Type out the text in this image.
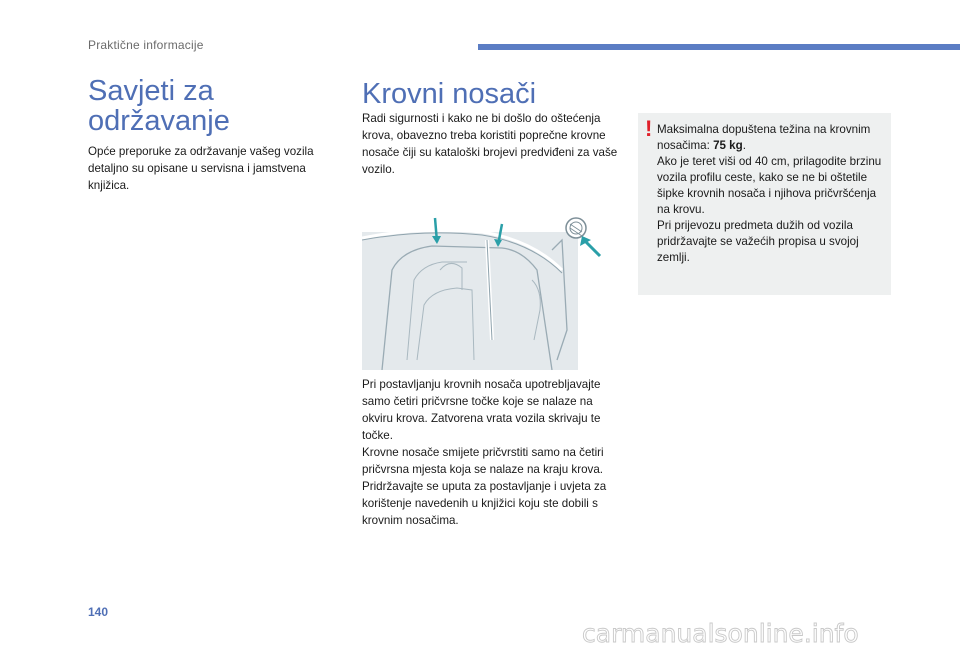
Praktične informacije
Savjeti za
održavanje

Opće preporuke za održavanje vašeg vozila detaljno su opisane u servisna i jamstvena knjižica.

Krovni nosači

Radi sigurnosti i kako ne bi došlo do oštećenja krova, obavezno treba koristiti poprečne krovne nosače čiji su kataloški brojevi predviđeni za vaše vozilo.

Pri postavljanju krovnih nosača upotrebljavajte samo četiri pričvrsne točke koje se nalaze na okviru krova. Zatvorena vrata vozila skrivaju te točke.
Krovne nosače smijete pričvrstiti samo na četiri pričvrsna mjesta koja se nalaze na kraju krova.
Pridržavajte se uputa za postavljanje i uvjeta za korištenje navedenih u knjižici koju ste dobili s krovnim nosačima.

! Maksimalna dopuštena težina na krovnim nosačima: 75 kg.
Ako je teret viši od 40 cm, prilagodite brzinu vozila profilu ceste, kako se ne bi oštetile šipke krovnih nosača i njihova pričvršćenja na krovu.
Pri prijevozu predmeta dužih od vozila pridržavajte se važećih propisa u svojoj zemlji.

140
carmanualsonline.info
